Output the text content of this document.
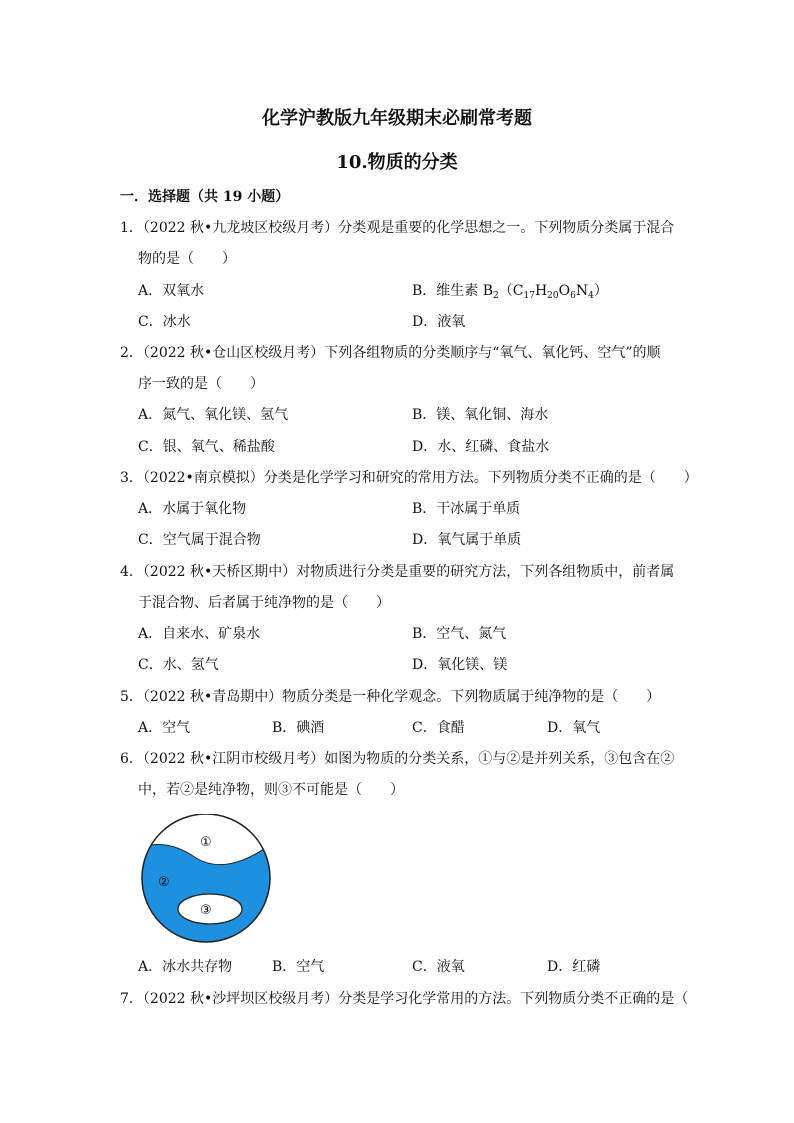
化学沪教版九年级期末必刷常考题
10.物质的分类
一．选择题（共 19 小题）
1．（2022 秋•九龙坡区校级月考）分类观是重要的化学思想之一。下列物质分类属于混合
物的是（　　）
A．双氧水	B．维生素 $B_2(C_{17}H_{20}O_6N_4)$
C．冰水	D．液氧
2．（2022 秋•仓山区校级月考）下列各组物质的分类顺序与“氧气、氧化钙、空气”的顺
序一致的是（　　）
A．氮气、氧化镁、氢气	B．镁、氧化铜、海水
C．银、氧气、稀盐酸	D．水、红磷、食盐水
3．（2022•南京模拟）分类是化学学习和研究的常用方法。下列物质分类不正确的是（　　）
A．水属于氧化物	B．干冰属于单质
C．空气属于混合物	D．氧气属于单质
4．（2022 秋•天桥区期中）对物质进行分类是重要的研究方法，下列各组物质中，前者属
于混合物、后者属于纯净物的是（　　）
A．自来水、矿泉水	B．空气、氮气
C．水、氢气	D．氧化镁、镁
5．（2022 秋•青岛期中）物质分类是一种化学观念。下列物质属于纯净物的是（　　）
A．空气	B．碘酒	C．食醋	D．氧气
6．（2022 秋•江阴市校级月考）如图为物质的分类关系，①与②是并列关系，③包含在②
中，若②是纯净物，则③不可能是（　　）
①
②
③
A．冰水共存物	B．空气	C．液氧	D．红磷
7．（2022 秋•沙坪坝区校级月考）分类是学习化学常用的方法。下列物质分类不正确的是（
